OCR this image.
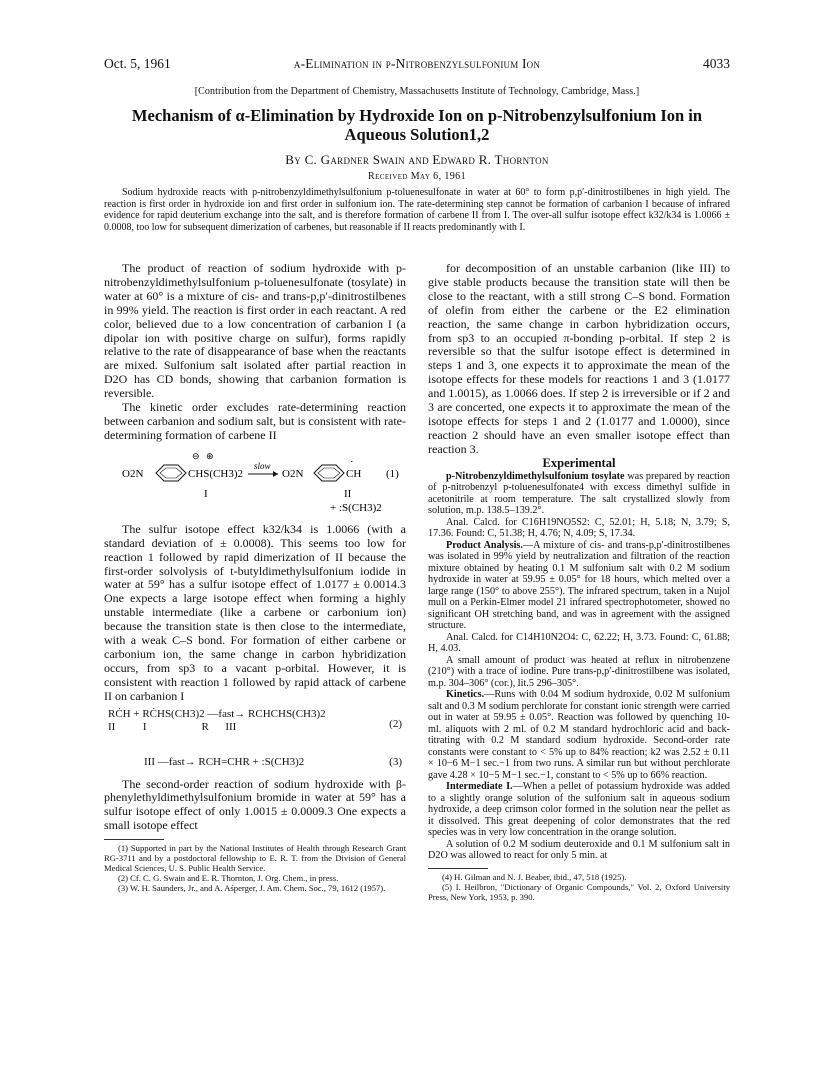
Oct. 5, 1961	α-Elimination in p-Nitrobenzylsulfonium Ion	4033
[Contribution from the Department of Chemistry, Massachusetts Institute of Technology, Cambridge, Mass.]
Mechanism of α-Elimination by Hydroxide Ion on p-Nitrobenzylsulfonium Ion in Aqueous Solution1,2
By C. Gardner Swain and Edward R. Thornton
Received May 6, 1961

Sodium hydroxide reacts with p-nitrobenzyldimethylsulfonium p-toluenesulfonate in water at 60° to form p,p′-dinitrostilbenes in high yield. The reaction is first order in hydroxide ion and first order in sulfonium ion. The rate-determining step cannot be formation of carbanion I because of infrared evidence for rapid deuterium exchange into the salt, and is therefore formation of carbene II from I. The over-all sulfur isotope effect k32/k34 is 1.0066 ± 0.0008, too low for subsequent dimerization of carbenes, but reasonable if II reacts predominantly with I.

The product of reaction of sodium hydroxide with p-nitrobenzyldimethylsulfonium p-toluenesulfonate (tosylate) in water at 60° is a mixture of cis- and trans-p,p′-dinitrostilbenes in 99% yield. The reaction is first order in each reactant. A red color, believed due to a low concentration of carbanion I (a dipolar ion with positive charge on sulfur), forms rapidly relative to the rate of disappearance of base when the reactants are mixed. Sulfonium salt isolated after partial reaction in D2O has CD bonds, showing that carbanion formation is reversible.

The kinetic order excludes rate-determining reaction between carbanion and sodium salt, but is consistent with rate-determining formation of carbene II

O2N	CHS(CH3)2
⊖ ⊕
slow
O2N	CH
·
(1)
I	II
+ :S(CH3)2

The sulfur isotope effect k32/k34 is 1.0066 (with a standard deviation of ± 0.0008). This seems too low for reaction 1 followed by rapid dimerization of II because the first-order solvolysis of t-butyldimethylsulfonium iodide in water at 59° has a sulfur isotope effect of 1.0177 ± 0.0014.3 One expects a large isotope effect when forming a highly unstable intermediate (like a carbene or carbonium ion) because the transition state is then close to the intermediate, with a weak C–S bond. For formation of either carbene or carbonium ion, the same change in carbon hybridization occurs, from sp3 to a vacant p-orbital. However, it is consistent with reaction 1 followed by rapid attack of carbene II on carbanion I

RĊH + RĊHS(CH3)2 —fast→ RCHCHS(CH3)2
II          I                    R      III	(2)
III —fast→ RCH=CHR + :S(CH3)2	(3)

The second-order reaction of sodium hydroxide with β-phenylethyldimethylsulfonium bromide in water at 59° has a sulfur isotope effect of only 1.0015 ± 0.0009.3 One expects a small isotope effect

(1) Supported in part by the National Institutes of Health through Research Grant RG-3711 and by a postdoctoral fellowship to E. R. T. from the Division of General Medical Sciences, U. S. Public Health Service.
(2) Cf. C. G. Swain and E. R. Thornton, J. Org. Chem., in press.
(3) W. H. Saunders, Jr., and A. Aśperger, J. Am. Chem. Soc., 79, 1612 (1957).

for decomposition of an unstable carbanion (like III) to give stable products because the transition state will then be close to the reactant, with a still strong C–S bond. Formation of olefin from either the carbene or the E2 elimination reaction, the same change in carbon hybridization occurs, from sp3 to an occupied π-bonding p-orbital. If step 2 is reversible so that the sulfur isotope effect is determined in steps 1 and 3, one expects it to approximate the mean of the isotope effects for these models for reactions 1 and 3 (1.0177 and 1.0015), as 1.0066 does. If step 2 is irreversible or if 2 and 3 are concerted, one expects it to approximate the mean of the isotope effects for steps 1 and 2 (1.0177 and 1.0000), since reaction 2 should have an even smaller isotope effect than reaction 3.

Experimental

p-Nitrobenzyldimethylsulfonium tosylate was prepared by reaction of p-nitrobenzyl p-toluenesulfonate4 with excess dimethyl sulfide in acetonitrile at room temperature. The salt crystallized slowly from solution, m.p. 138.5–139.2°.

Anal. Calcd. for C16H19NO5S2: C, 52.01; H, 5.18; N, 3.79; S, 17.36. Found: C, 51.38; H, 4.76; N, 4.09; S, 17.34.

Product Analysis.—A mixture of cis- and trans-p,p′-dinitrostilbenes was isolated in 99% yield by neutralization and filtration of the reaction mixture obtained by heating 0.1 M sulfonium salt with 0.2 M sodium hydroxide in water at 59.95 ± 0.05° for 18 hours, which melted over a large range (150° to above 255°). The infrared spectrum, taken in a Nujol mull on a Perkin-Elmer model 21 infrared spectrophotometer, showed no significant OH stretching band, and was in agreement with the assigned structure.

Anal. Calcd. for C14H10N2O4: C, 62.22; H, 3.73. Found: C, 61.88; H, 4.03.

A small amount of product was heated at reflux in nitrobenzene (210°) with a trace of iodine. Pure trans-p,p′-dinitrostilbene was isolated, m.p. 304–306° (cor.), lit.5 296–305°.

Kinetics.—Runs with 0.04 M sodium hydroxide, 0.02 M sulfonium salt and 0.3 M sodium perchlorate for constant ionic strength were carried out in water at 59.95 ± 0.05°. Reaction was followed by quenching 10-ml. aliquots with 2 ml. of 0.2 M standard hydrochloric acid and back-titrating with 0.2 M standard sodium hydroxide. Second-order rate constants were constant to < 5% up to 84% reaction; k2 was 2.52 ± 0.11 × 10−6 M−1 sec.−1 from two runs. A similar run but without perchlorate gave 4.28 × 10−5 M−1 sec.−1, constant to < 5% up to 66% reaction.

Intermediate I.—When a pellet of potassium hydroxide was added to a slightly orange solution of the sulfonium salt in aqueous sodium hydroxide, a deep crimson color formed in the solution near the pellet as it dissolved. This great deepening of color demonstrates that the red species was in very low concentration in the orange solution.

A solution of 0.2 M sodium deuteroxide and 0.1 M sulfonium salt in D2O was allowed to react for only 5 min. at

(4) H. Gilman and N. J. Beaber, ibid., 47, 518 (1925).
(5) I. Heilbron, "Dictionary of Organic Compounds," Vol. 2, Oxford University Press, New York, 1953, p. 390.
